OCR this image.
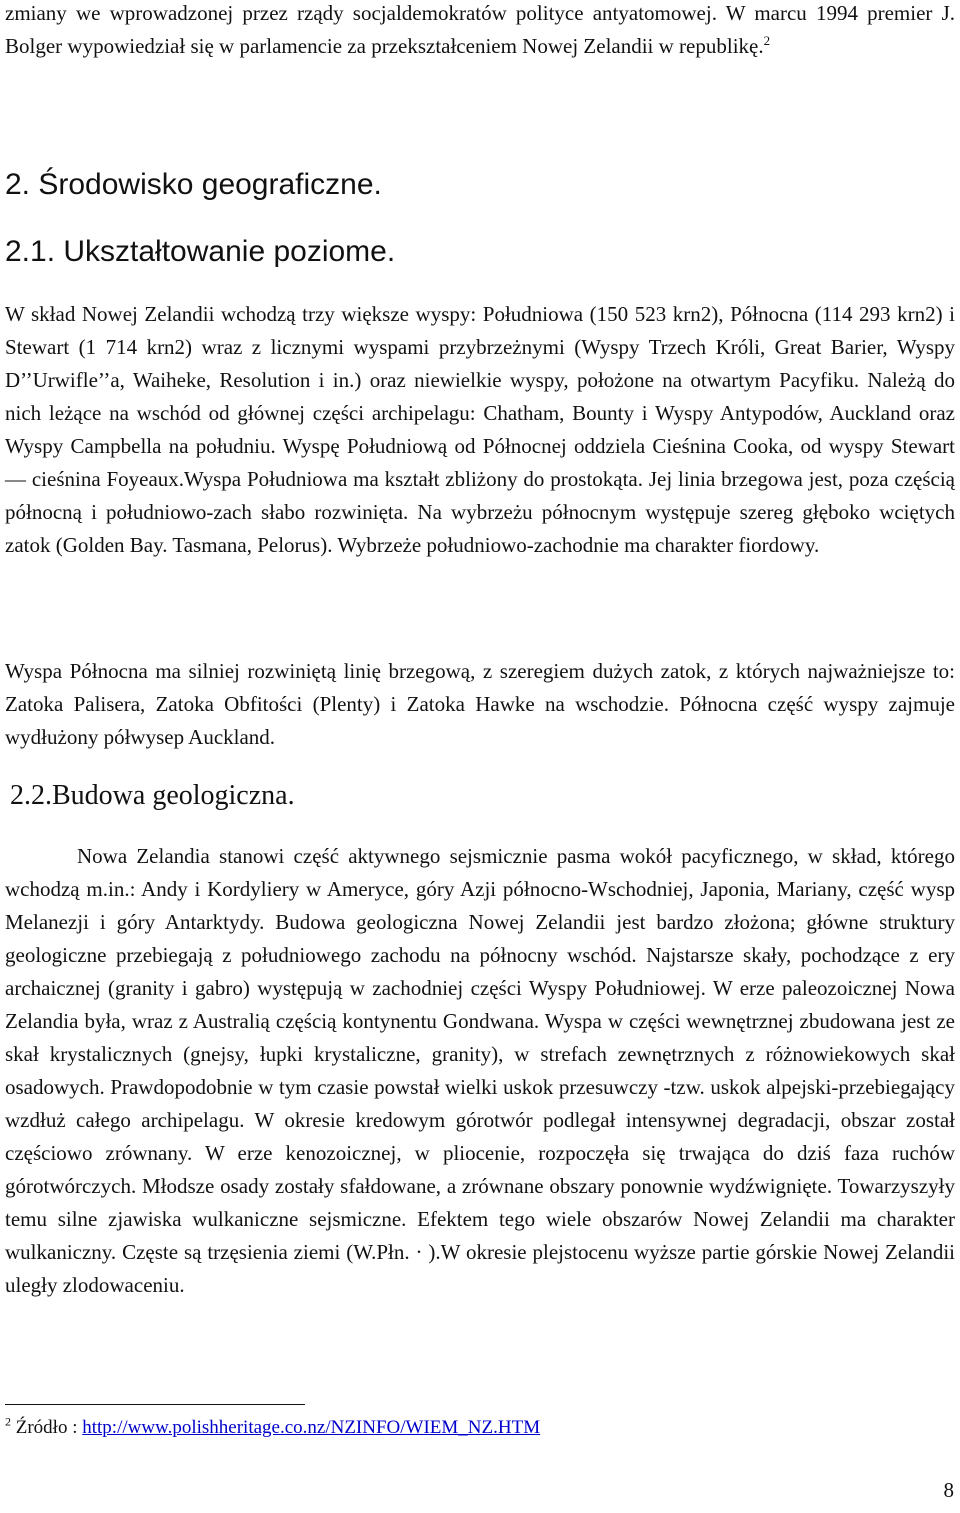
zmiany we wprowadzonej przez rządy socjaldemokratów polityce antyatomowej. W marcu 1994 premier J. Bolger wypowiedział się w parlamencie za przekształceniem Nowej Zelandii w republikę.$^2$

2. Środowisko geograficzne.
2.1. Ukształtowanie poziome.

W skład Nowej Zelandii wchodzą trzy większe wyspy: Południowa (150 523 krn2), Północna (114 293 krn2) i Stewart (1 714 krn2) wraz z licznymi wyspami przybrzeżnymi (Wyspy Trzech Króli, Great Barier, Wyspy D’’Urwifle’’a, Waiheke, Resolution i in.) oraz niewielkie wyspy, położone na otwartym Pacyfiku. Należą do nich leżące na wschód od głównej części archipelagu: Chatham, Bounty i Wyspy Antypodów, Auckland oraz Wyspy Campbella na południu. Wyspę Południową od Północnej oddziela Cieśnina Cooka, od wyspy Stewart — cieśnina Foyeaux.Wyspa Południowa ma kształt zbliżony do prostokąta. Jej linia brzegowa jest, poza częścią północną i południowo-zach słabo rozwinięta. Na wybrzeżu północnym występuje szereg głęboko wciętych zatok (Golden Bay. Tasmana, Pelorus). Wybrzeże południowo-zachodnie ma charakter fiordowy.

Wyspa Północna ma silniej rozwiniętą linię brzegową, z szeregiem dużych zatok, z których najważniejsze to: Zatoka Palisera, Zatoka Obfitości (Plenty) i Zatoka Hawke na wschodzie. Północna część wyspy zajmuje wydłużony półwysep Auckland.

2.2.Budowa geologiczna.

Nowa Zelandia stanowi część aktywnego sejsmicznie pasma wokół pacyficznego, w skład, którego wchodzą m.in.: Andy i Kordyliery w Ameryce, góry Azji północno-Wschodniej, Japonia, Mariany, część wysp Melanezji i góry Antarktydy. Budowa geologiczna Nowej Zelandii jest bardzo złożona; główne struktury geologiczne przebiegają z południowego zachodu na północny wschód. Najstarsze skały, pochodzące z ery archaicznej (granity i gabro) występują w zachodniej części Wyspy Południowej. W erze paleozoicznej Nowa Zelandia była, wraz z Australią częścią kontynentu Gondwana. Wyspa w części wewnętrznej zbudowana jest ze skał krystalicznych (gnejsy, łupki krystaliczne, granity), w strefach zewnętrznych z różnowiekowych skał osadowych. Prawdopodobnie w tym czasie powstał wielki uskok przesuwczy -tzw. uskok alpejski-przebiegający wzdłuż całego archipelagu. W okresie kredowym górotwór podlegał intensywnej degradacji, obszar został częściowo zrównany. W erze kenozoicznej, w pliocenie, rozpoczęła się trwająca do dziś faza ruchów górotwórczych. Młodsze osady zostały sfałdowane, a zrównane obszary ponownie wydźwignięte. Towarzyszyły temu silne zjawiska wulkaniczne sejsmiczne. Efektem tego wiele obszarów Nowej Zelandii ma charakter wulkaniczny. Częste są trzęsienia ziemi (W.Płn. · ).W okresie plejstocenu wyższe partie górskie Nowej Zelandii uległy zlodowaceniu.

$^2$ Źródło : http://www.polishheritage.co.nz/NZINFO/WIEM_NZ.HTM

8
